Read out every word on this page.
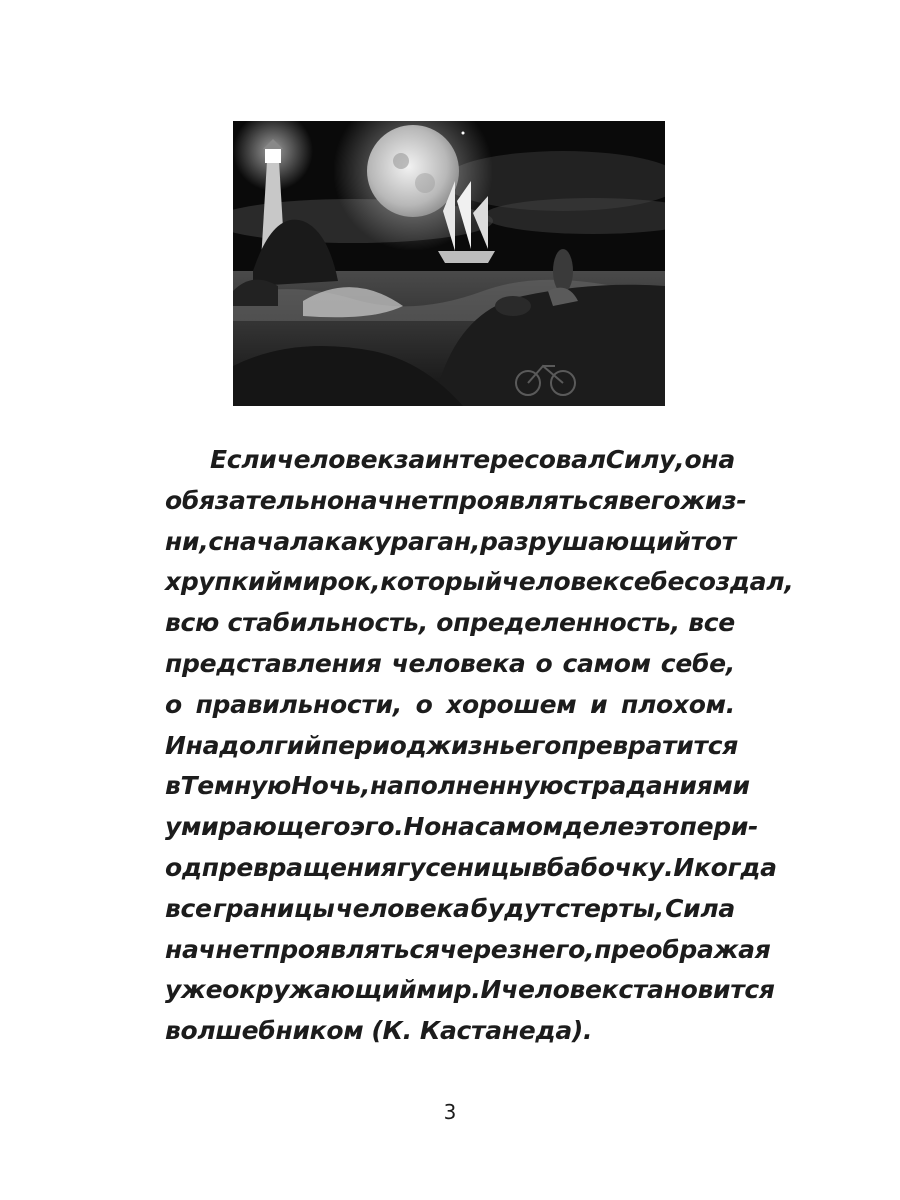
Если человек заинтересовал Силу, она
обязательно начнет проявляться в его жиз-
ни, сначала как ураган, разрушающий тот
хрупкий мирок, который человек себе создал,
всю стабильность, определенность, все
представления человека о самом себе,
о правильности, о хорошем и плохом.
И на долгий период жизнь его превратится
в Темную Ночь, наполненную страданиями
умирающего эго. Но на самом деле это пери-
од превращения гусеницы в бабочку. И когда
все границы человека будут стерты, Сила
начнет проявляться через него, преображая
уже окружающий мир. И человек становится
волшебником (К. Кастанеда).
3
